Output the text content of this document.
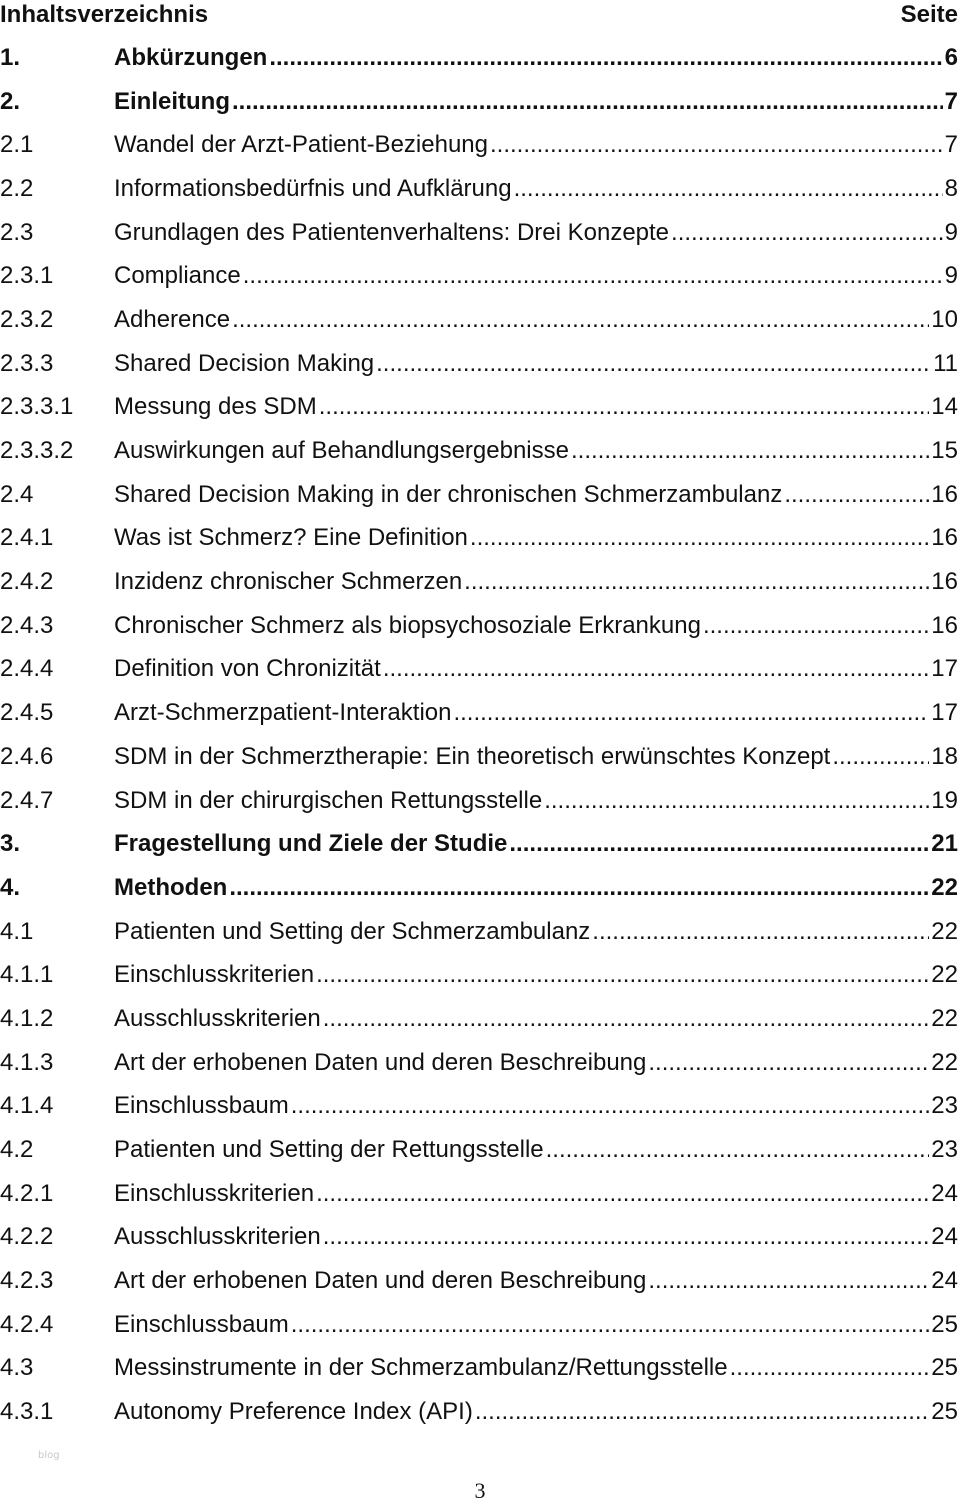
Inhaltsverzeichnis	Seite
1.	Abkürzungen .....	6
2.	Einleitung .....	7
2.1	Wandel der Arzt-Patient-Beziehung .....	7
2.2	Informationsbedürfnis und Aufklärung .....	8
2.3	Grundlagen des Patientenverhaltens: Drei Konzepte .....	9
2.3.1	Compliance .....	9
2.3.2	Adherence .....	10
2.3.3	Shared Decision Making .....	11
2.3.3.1	Messung des SDM .....	14
2.3.3.2	Auswirkungen auf Behandlungsergebnisse .....	15
2.4	Shared Decision Making in der chronischen Schmerzambulanz .....	16
2.4.1	Was ist Schmerz? Eine Definition .....	16
2.4.2	Inzidenz chronischer Schmerzen .....	16
2.4.3	Chronischer Schmerz als biopsychosoziale Erkrankung .....	16
2.4.4	Definition von Chronizität .....	17
2.4.5	Arzt-Schmerzpatient-Interaktion .....	17
2.4.6	SDM in der Schmerztherapie: Ein theoretisch erwünschtes Konzept .....	18
2.4.7	SDM in der chirurgischen Rettungsstelle .....	19
3.	Fragestellung und Ziele der Studie .....	21
4.	Methoden .....	22
4.1	Patienten und Setting der Schmerzambulanz .....	22
4.1.1	Einschlusskriterien .....	22
4.1.2	Ausschlusskriterien .....	22
4.1.3	Art der erhobenen Daten und deren Beschreibung .....	22
4.1.4	Einschlussbaum .....	23
4.2	Patienten und Setting der Rettungsstelle .....	23
4.2.1	Einschlusskriterien .....	24
4.2.2	Ausschlusskriterien .....	24
4.2.3	Art der erhobenen Daten und deren Beschreibung .....	24
4.2.4	Einschlussbaum .....	25
4.3	Messinstrumente in der Schmerzambulanz/Rettungsstelle .....	25
4.3.1	Autonomy Preference Index (API) .....	25
blog
3
